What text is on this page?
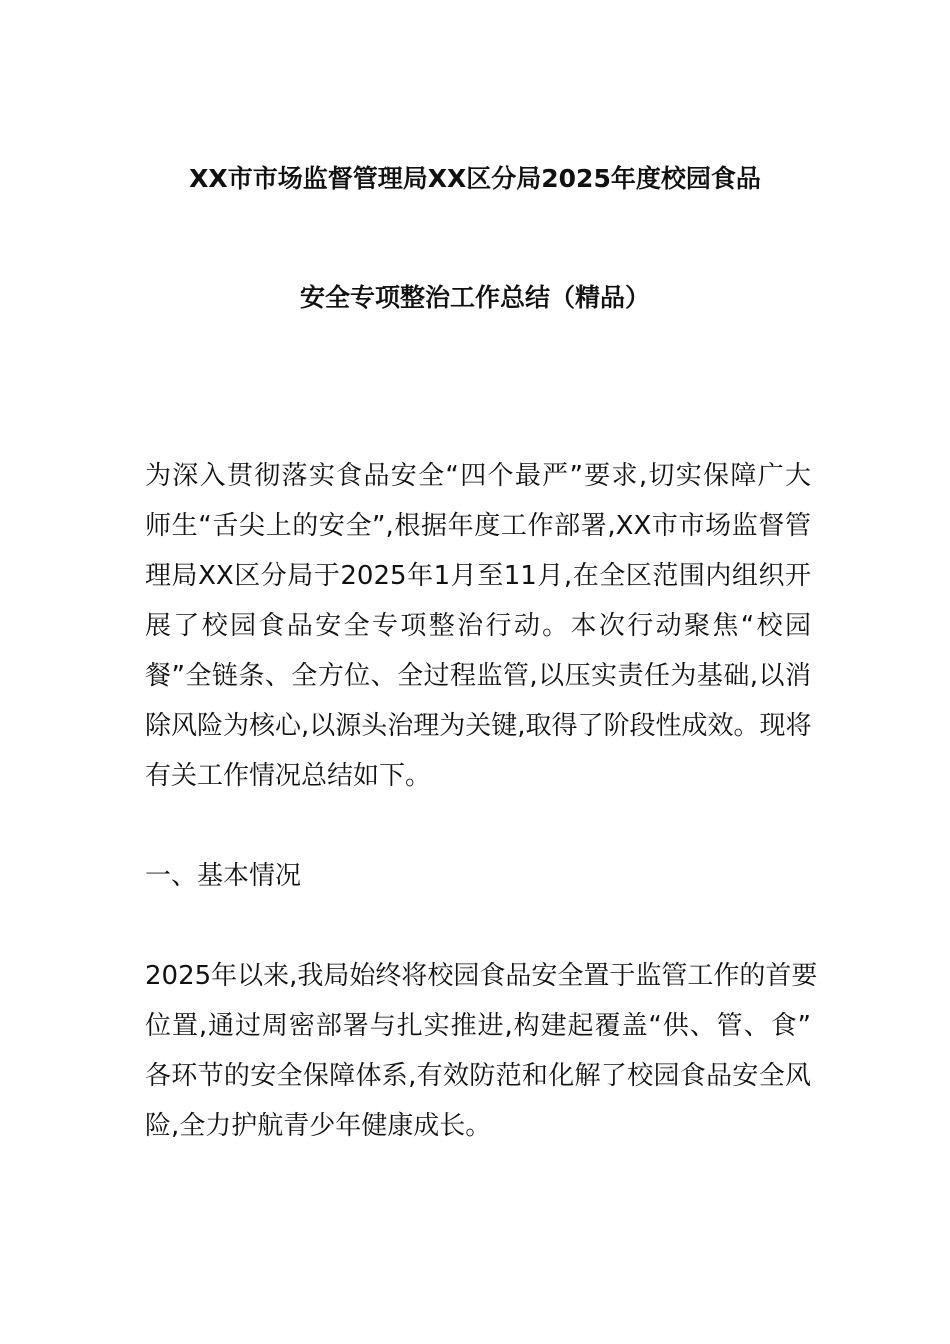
XX市市场监督管理局XX区分局2025年度校园食品
安全专项整治工作总结（精品）
为深入贯彻落实食品安全“四个最严”要求,切实保障广大
师生“舌尖上的安全”,根据年度工作部署,XX市市场监督管
理局XX区分局于2025年1月至11月,在全区范围内组织开
展了校园食品安全专项整治行动。本次行动聚焦“校园
餐”全链条、全方位、全过程监管,以压实责任为基础,以消
除风险为核心,以源头治理为关键,取得了阶段性成效。现将
有关工作情况总结如下。
一、基本情况
2025年以来,我局始终将校园食品安全置于监管工作的首要
位置,通过周密部署与扎实推进,构建起覆盖“供、管、食”
各环节的安全保障体系,有效防范和化解了校园食品安全风
险,全力护航青少年健康成长。
